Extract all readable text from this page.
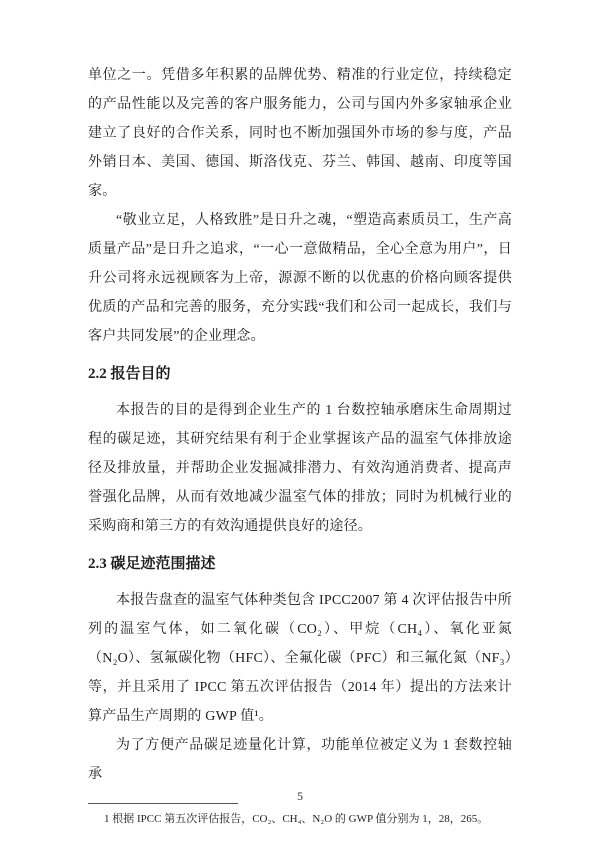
单位之一。凭借多年积累的品牌优势、精准的行业定位，持续稳定的产品性能以及完善的客户服务能力，公司与国内外多家轴承企业建立了良好的合作关系，同时也不断加强国外市场的参与度，产品外销日本、美国、德国、斯洛伐克、芬兰、韩国、越南、印度等国家。

“敬业立足，人格致胜”是日升之魂，“塑造高素质员工，生产高质量产品”是日升之追求，“一心一意做精品，全心全意为用户”，日升公司将永远视顾客为上帝，源源不断的以优惠的价格向顾客提供优质的产品和完善的服务，充分实践“我们和公司一起成长，我们与客户共同发展”的企业理念。

2.2 报告目的

本报告的目的是得到企业生产的 1 台数控轴承磨床生命周期过程的碳足迹，其研究结果有利于企业掌握该产品的温室气体排放途径及排放量，并帮助企业发掘减排潜力、有效沟通消费者、提高声誉强化品牌，从而有效地减少温室气体的排放；同时为机械行业的采购商和第三方的有效沟通提供良好的途径。

2.3 碳足迹范围描述

本报告盘查的温室气体种类包含 IPCC2007 第 4 次评估报告中所列的温室气体，如二氧化碳（CO₂）、甲烷（CH₄）、氧化亚氮（N₂O）、氢氟碳化物（HFC）、全氟化碳（PFC）和三氟化氮（NF₃）等，并且采用了 IPCC 第五次评估报告（2014 年）提出的方法来计算产品生产周期的 GWP 值¹。

为了方便产品碳足迹量化计算，功能单位被定义为 1 套数控轴承

1 根据 IPCC 第五次评估报告，CO₂、CH₄、N₂O 的 GWP 值分别为 1，28，265。

5
